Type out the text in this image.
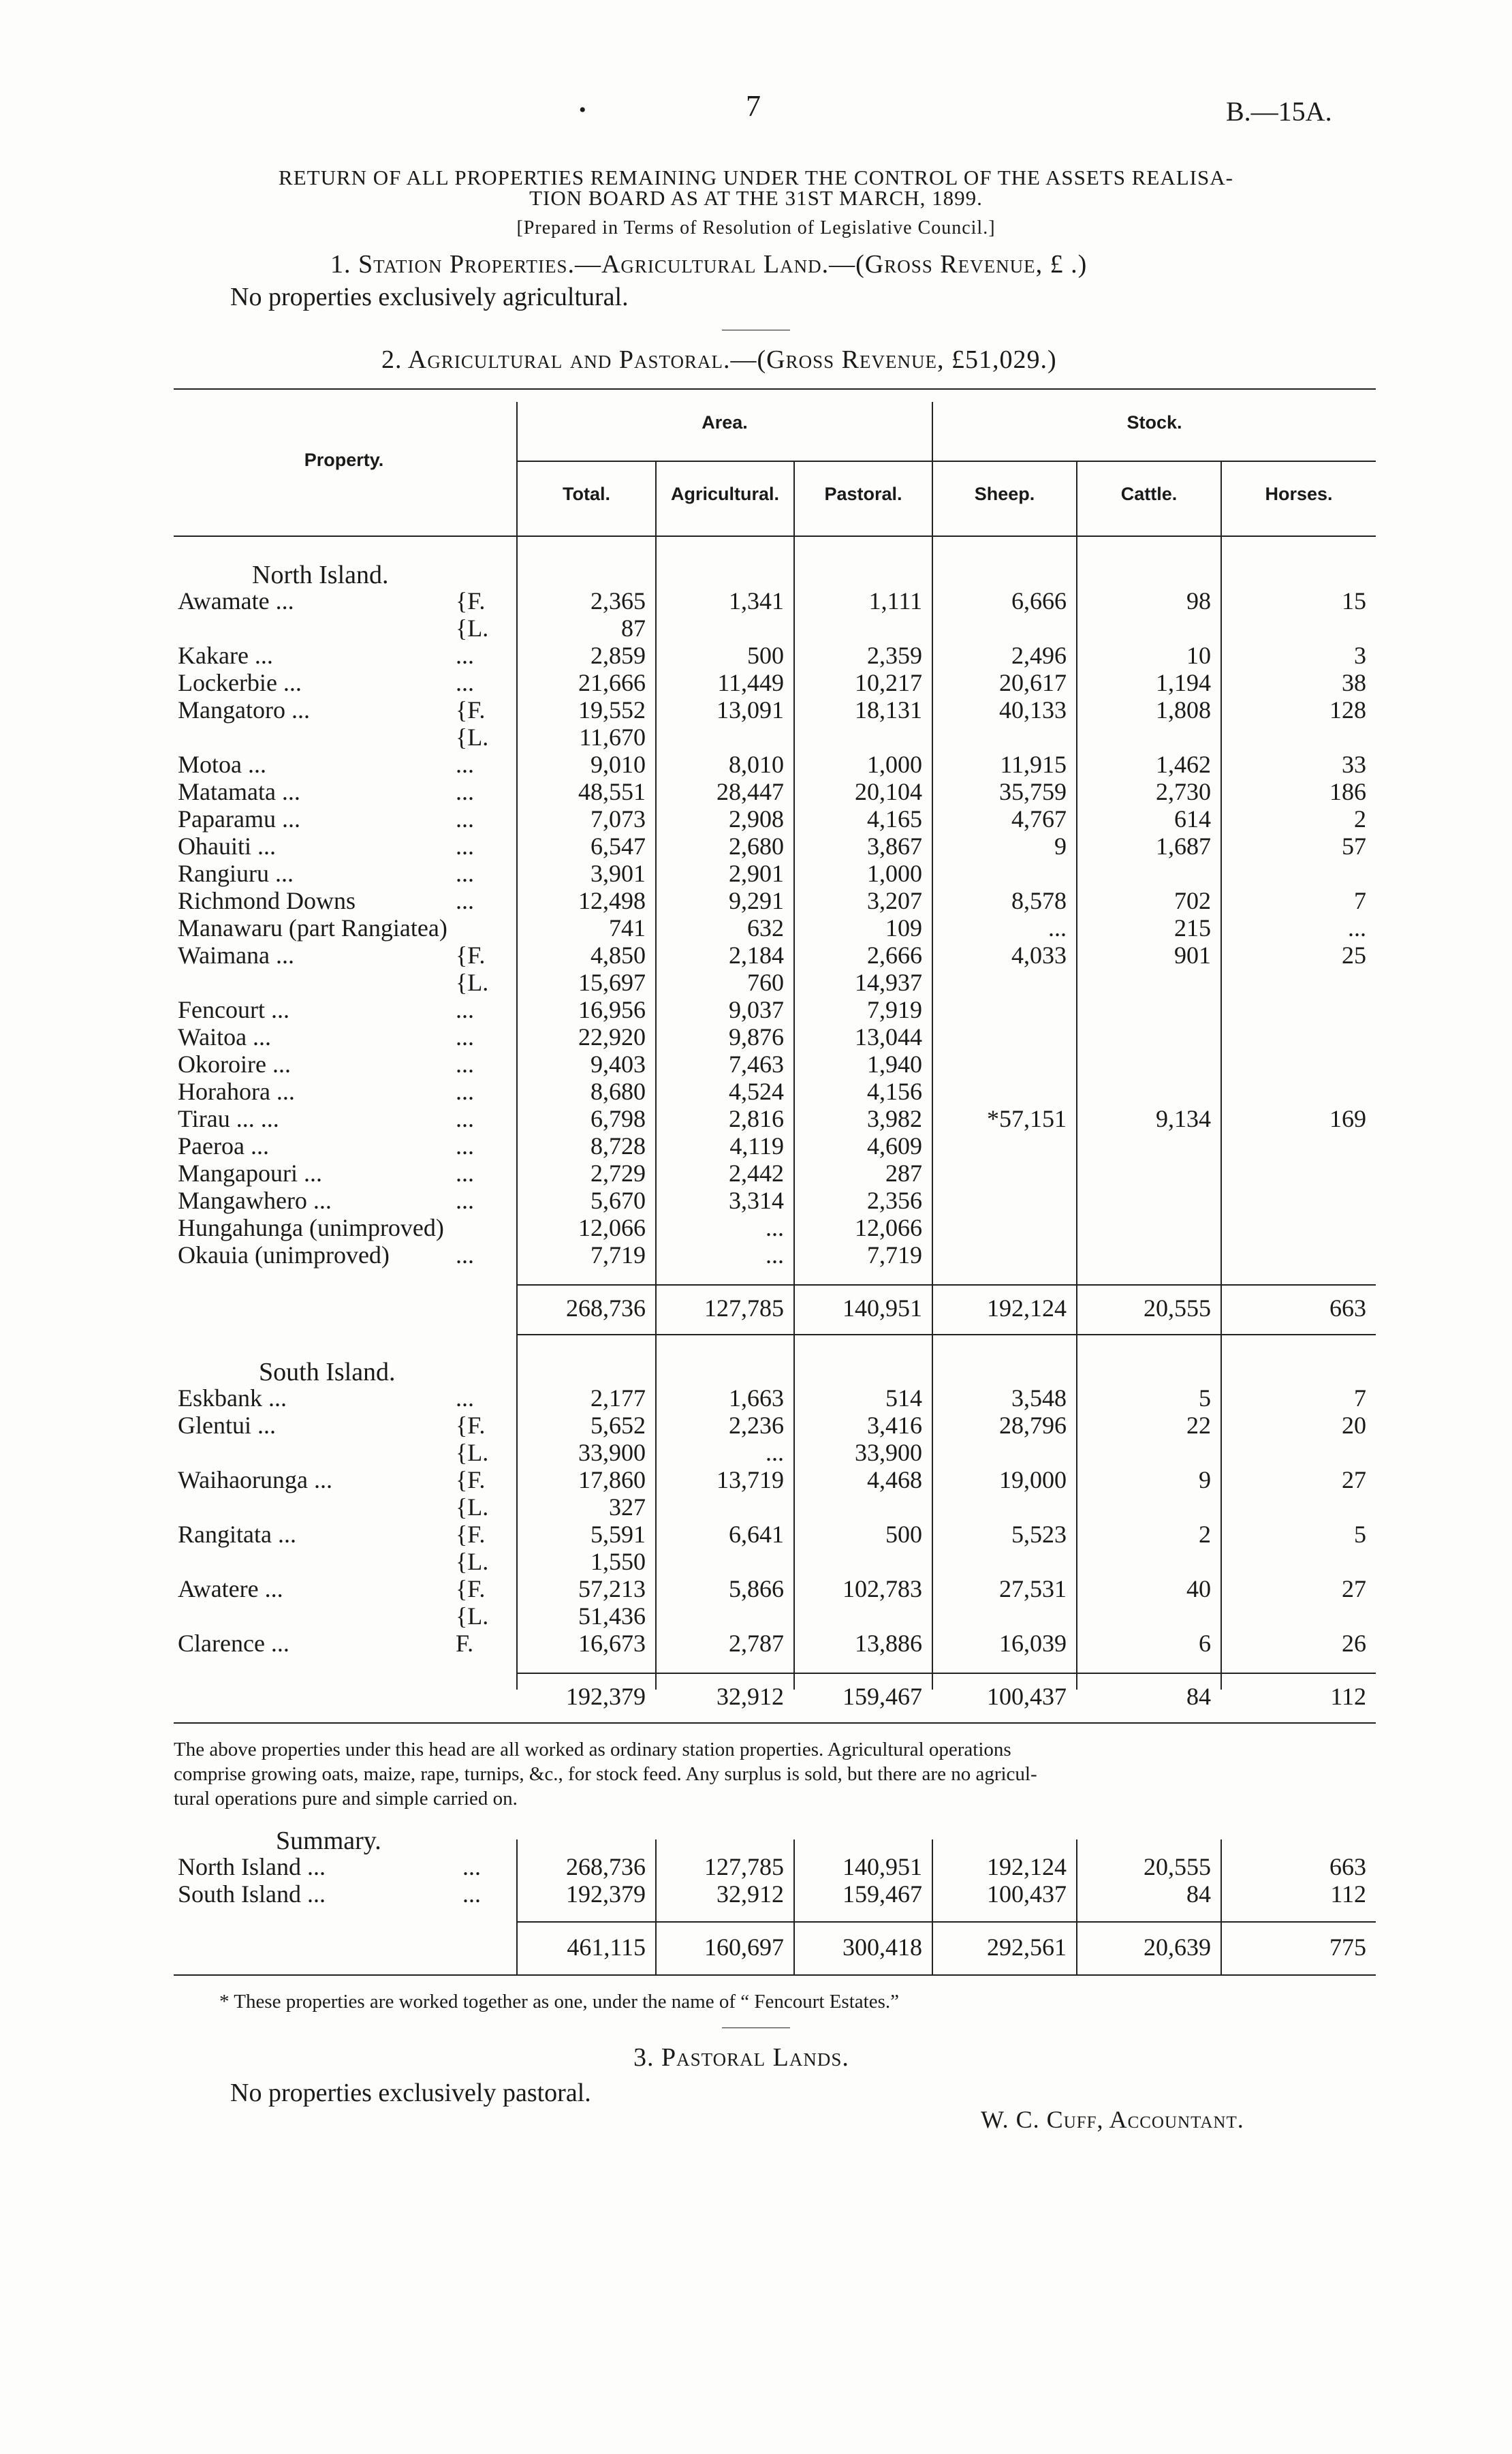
•	7	B.—15A.
RETURN OF ALL PROPERTIES REMAINING UNDER THE CONTROL OF THE ASSETS REALISA-
TION BOARD AS AT THE 31ST MARCH, 1899.
[Prepared in Terms of Resolution of Legislative Council.]
1. Station Properties.—Agricultural Land.—(Gross Revenue, £ .)
No properties exclusively agricultural.
2. Agricultural and Pastoral.—(Gross Revenue, £51,029.)
Property.
Area.	Stock.
Total.	Agricultural.	Pastoral.	Sheep.	Cattle.	Horses.
North Island.
Awamate ...	{F.	2,365	1,341	1,111	6,666	98	15
	{L.	87					
Kakare ...	...	2,859	500	2,359	2,496	10	3
Lockerbie ...	...	21,666	11,449	10,217	20,617	1,194	38
Mangatoro ...	{F.	19,552	13,091	18,131	40,133	1,808	128
	{L.	11,670					
Motoa ...	...	9,010	8,010	1,000	11,915	1,462	33
Matamata ...	...	48,551	28,447	20,104	35,759	2,730	186
Paparamu ...	...	7,073	2,908	4,165	4,767	614	2
Ohauiti ...	...	6,547	2,680	3,867	9	1,687	57
Rangiuru ...	...	3,901	2,901	1,000			
Richmond Downs	...	12,498	9,291	3,207	8,578	702	7
Manawaru (part Rangiatea)		741	632	109	...	215	...
Waimana ...	{F.	4,850	2,184	2,666	4,033	901	25
	{L.	15,697	760	14,937			
Fencourt ...	...	16,956	9,037	7,919			
Waitoa ...	...	22,920	9,876	13,044			
Okoroire ...	...	9,403	7,463	1,940			
Horahora ...	...	8,680	4,524	4,156			
Tirau ... ...	...	6,798	2,816	3,982	*57,151	9,134	169
Paeroa ...	...	8,728	4,119	4,609			
Mangapouri ...	...	2,729	2,442	287			
Mangawhero ...	...	5,670	3,314	2,356			
Hungahunga (unimproved)		12,066	...	12,066			
Okauia (unimproved)	...	7,719	...	7,719			
		268,736	127,785	140,951	192,124	20,555	663
South Island.
Eskbank ...	...	2,177	1,663	514	3,548	5	7
Glentui ...	{F.	5,652	2,236	3,416	28,796	22	20
	{L.	33,900	...	33,900			
Waihaorunga ...	{F.	17,860	13,719	4,468	19,000	9	27
	{L.	327					
Rangitata ...	{F.	5,591	6,641	500	5,523	2	5
	{L.	1,550					
Awatere ...	{F.	57,213	5,866	102,783	27,531	40	27
	{L.	51,436					
Clarence ...	F.	16,673	2,787	13,886	16,039	6	26
		192,379	32,912	159,467	100,437	84	112
The above properties under this head are all worked as ordinary station properties. Agricultural operations
comprise growing oats, maize, rape, turnips, &c., for stock feed. Any surplus is sold, but there are no agricul-
tural operations pure and simple carried on.
Summary.
North Island ...	...	268,736	127,785	140,951	192,124	20,555	663
South Island ...	...	192,379	32,912	159,467	100,437	84	112
		461,115	160,697	300,418	292,561	20,639	775
* These properties are worked together as one, under the name of “ Fencourt Estates.”
3. Pastoral Lands.
No properties exclusively pastoral.
W. C. Cuff, Accountant.
